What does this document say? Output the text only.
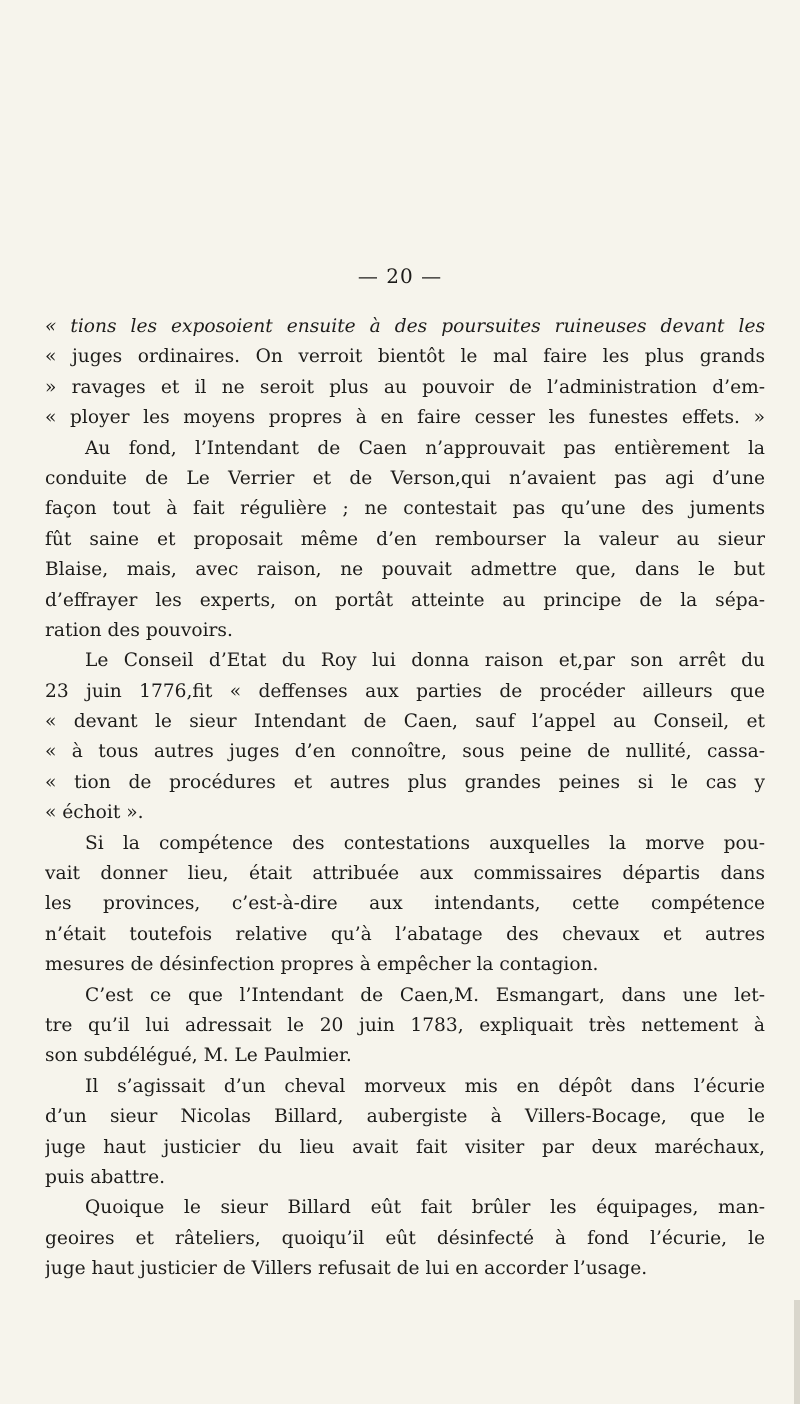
— 20 —
« tions les exposoient ensuite à des poursuites ruineuses devant les
« juges ordinaires. On verroit bientôt le mal faire les plus grands
» ravages et il ne seroit plus au pouvoir de l’administration d’em-
« ployer les moyens propres à en faire cesser les funestes effets. »
Au fond, l’Intendant de Caen n’approuvait pas entièrement la
conduite de Le Verrier et de Verson,qui n’avaient pas agi d’une
façon tout à fait régulière ; ne contestait pas qu’une des juments
fût saine et proposait même d’en rembourser la valeur au sieur
Blaise, mais, avec raison, ne pouvait admettre que, dans le but
d’effrayer les experts, on portât atteinte au principe de la sépa-
ration des pouvoirs.
Le Conseil d’Etat du Roy lui donna raison et,par son arrêt du
23 juin 1776,fit « deffenses aux parties de procéder ailleurs que
« devant le sieur Intendant de Caen, sauf l’appel au Conseil, et
« à tous autres juges d’en connoître, sous peine de nullité, cassa-
« tion de procédures et autres plus grandes peines si le cas y
« échoit ».
Si la compétence des contestations auxquelles la morve pou-
vait donner lieu, était attribuée aux commissaires départis dans
les provinces, c’est-à-dire aux intendants, cette compétence
n’était toutefois relative qu’à l’abatage des chevaux et autres
mesures de désinfection propres à empêcher la contagion.
C’est ce que l’Intendant de Caen,M. Esmangart, dans une let-
tre qu’il lui adressait le 20 juin 1783, expliquait très nettement à
son subdélégué, M. Le Paulmier.
Il s’agissait d’un cheval morveux mis en dépôt dans l’écurie
d’un sieur Nicolas Billard, aubergiste à Villers-Bocage, que le
juge haut justicier du lieu avait fait visiter par deux maréchaux,
puis abattre.
Quoique le sieur Billard eût fait brûler les équipages, man-
geoires et râteliers, quoiqu’il eût désinfecté à fond l’écurie, le
juge haut justicier de Villers refusait de lui en accorder l’usage.
